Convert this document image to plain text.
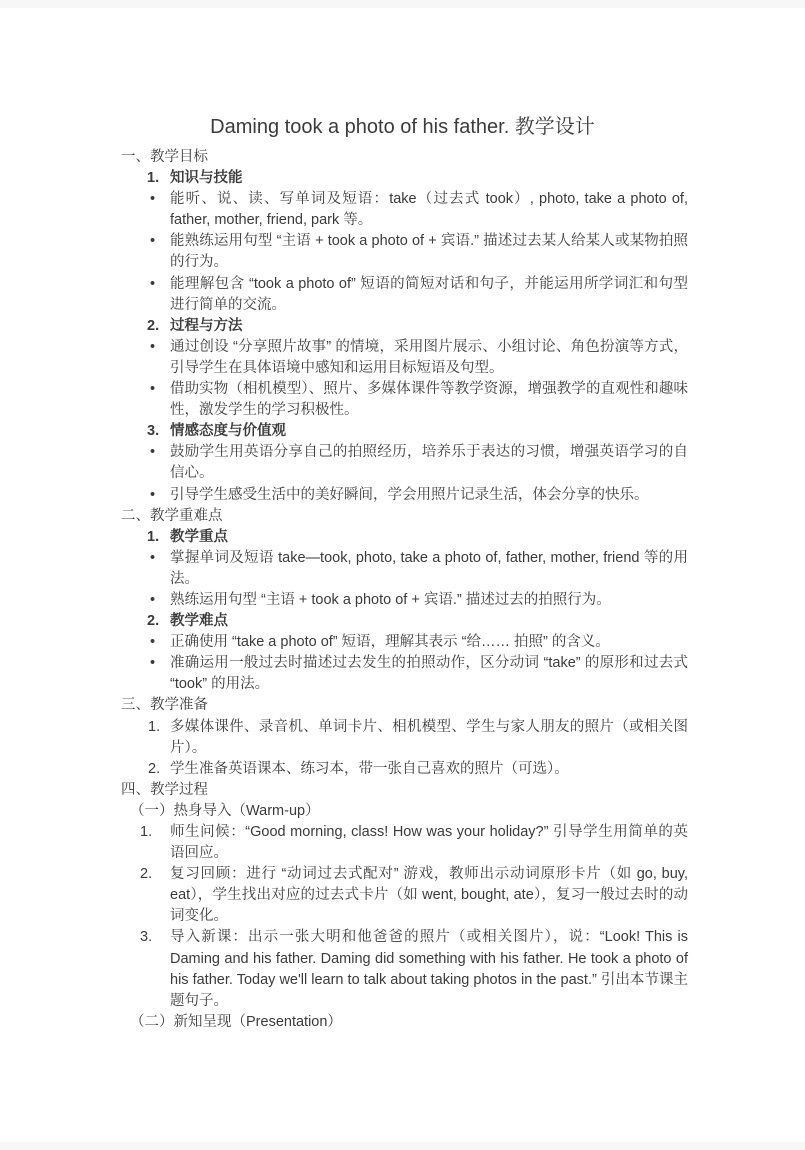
Daming took a photo of his father. 教学设计
一、教学目标
1. 知识与技能
• 能听、说、读、写单词及短语：take（过去式 took）, photo, take a photo of, father, mother, friend, park 等。
• 能熟练运用句型 “主语 + took a photo of + 宾语.” 描述过去某人给某人或某物拍照的行为。
• 能理解包含 “took a photo of” 短语的简短对话和句子，并能运用所学词汇和句型进行简单的交流。
2. 过程与方法
• 通过创设 “分享照片故事” 的情境，采用图片展示、小组讨论、角色扮演等方式，引导学生在具体语境中感知和运用目标短语及句型。
• 借助实物（相机模型）、照片、多媒体课件等教学资源，增强教学的直观性和趣味性，激发学生的学习积极性。
3. 情感态度与价值观
• 鼓励学生用英语分享自己的拍照经历，培养乐于表达的习惯，增强英语学习的自信心。
• 引导学生感受生活中的美好瞬间，学会用照片记录生活，体会分享的快乐。
二、教学重难点
1. 教学重点
• 掌握单词及短语 take—took, photo, take a photo of, father, mother, friend 等的用法。
• 熟练运用句型 “主语 + took a photo of + 宾语.” 描述过去的拍照行为。
2. 教学难点
• 正确使用 “take a photo of” 短语，理解其表示 “给…… 拍照” 的含义。
• 准确运用一般过去时描述过去发生的拍照动作，区分动词 “take” 的原形和过去式 “took” 的用法。
三、教学准备
1. 多媒体课件、录音机、单词卡片、相机模型、学生与家人朋友的照片（或相关图片）。
2. 学生准备英语课本、练习本，带一张自己喜欢的照片（可选）。
四、教学过程
（一）热身导入（Warm-up）
1. 师生问候：“Good morning, class! How was your holiday?” 引导学生用简单的英语回应。
2. 复习回顾：进行 “动词过去式配对” 游戏，教师出示动词原形卡片（如 go, buy, eat），学生找出对应的过去式卡片（如 went, bought, ate），复习一般过去时的动词变化。
3. 导入新课：出示一张大明和他爸爸的照片（或相关图片），说：“Look! This is Daming and his father. Daming did something with his father. He took a photo of his father. Today we'll learn to talk about taking photos in the past.” 引出本节课主题句子。
（二）新知呈现（Presentation）
